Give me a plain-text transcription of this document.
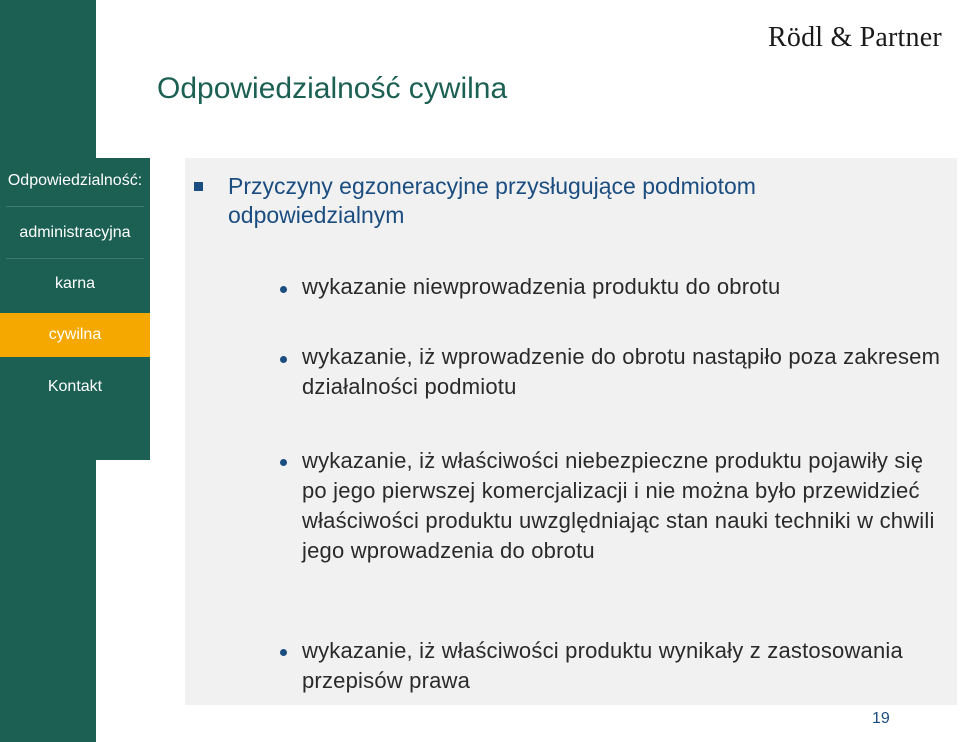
Odpowiedzialność:
administracyjna
karna
cywilna
Kontakt
Rödl & Partner
Odpowiedzialność cywilna
Przyczyny egzoneracyjne przysługujące podmiotom odpowiedzialnym
wykazanie niewprowadzenia produktu do obrotu
wykazanie, iż wprowadzenie do obrotu nastąpiło poza zakresem działalności podmiotu
wykazanie, iż właściwości niebezpieczne produktu pojawiły się po jego pierwszej komercjalizacji i nie można było przewidzieć właściwości produktu uwzględniając stan nauki techniki w chwili jego wprowadzenia do obrotu
wykazanie, iż właściwości produktu wynikały z zastosowania przepisów prawa
19
